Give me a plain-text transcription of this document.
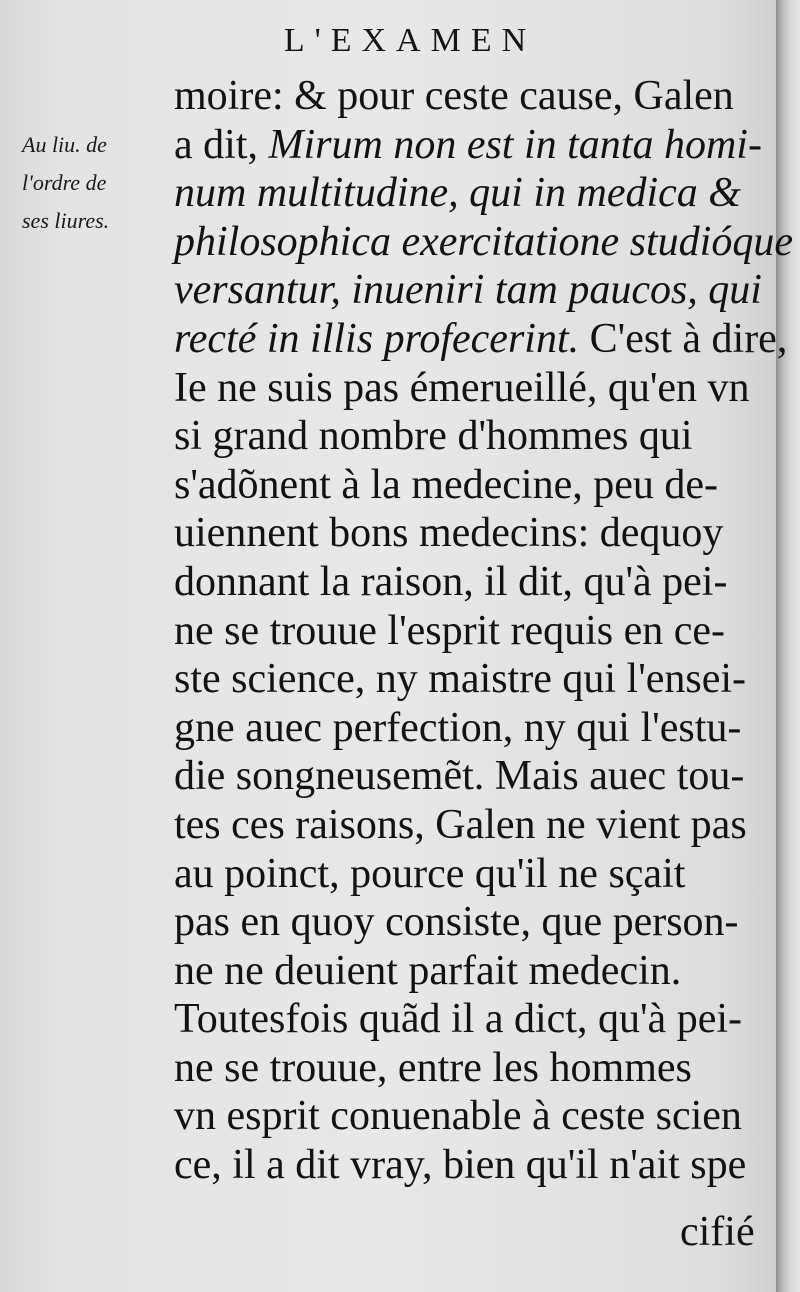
L'EXAMEN
Au liu. de
l'ordre de
ses liures.
moire: & pour ceste cause, Galen
a dit, Mirum non est in tanta homi-
num multitudine, qui in medica &
philosophica exercitatione studióque
versantur, inueniri tam paucos, qui
recté in illis profecerint. C'est à dire,
Ie ne suis pas émerueillé, qu'en vn
si grand nombre d'hommes qui
s'adõnent à la medecine, peu de-
uiennent bons medecins: dequoy
donnant la raison, il dit, qu'à pei-
ne se trouue l'esprit requis en ce-
ste science, ny maistre qui l'ensei-
gne auec perfection, ny qui l'estu-
die songneusemẽt. Mais auec tou-
tes ces raisons, Galen ne vient pas
au poinct, pource qu'il ne sçait
pas en quoy consiste, que person-
ne ne deuient parfait medecin.
Toutesfois quãd il a dict, qu'à pei-
ne se trouue, entre les hommes
vn esprit conuenable à ceste scien
ce, il a dit vray, bien qu'il n'ait spe
cifié
